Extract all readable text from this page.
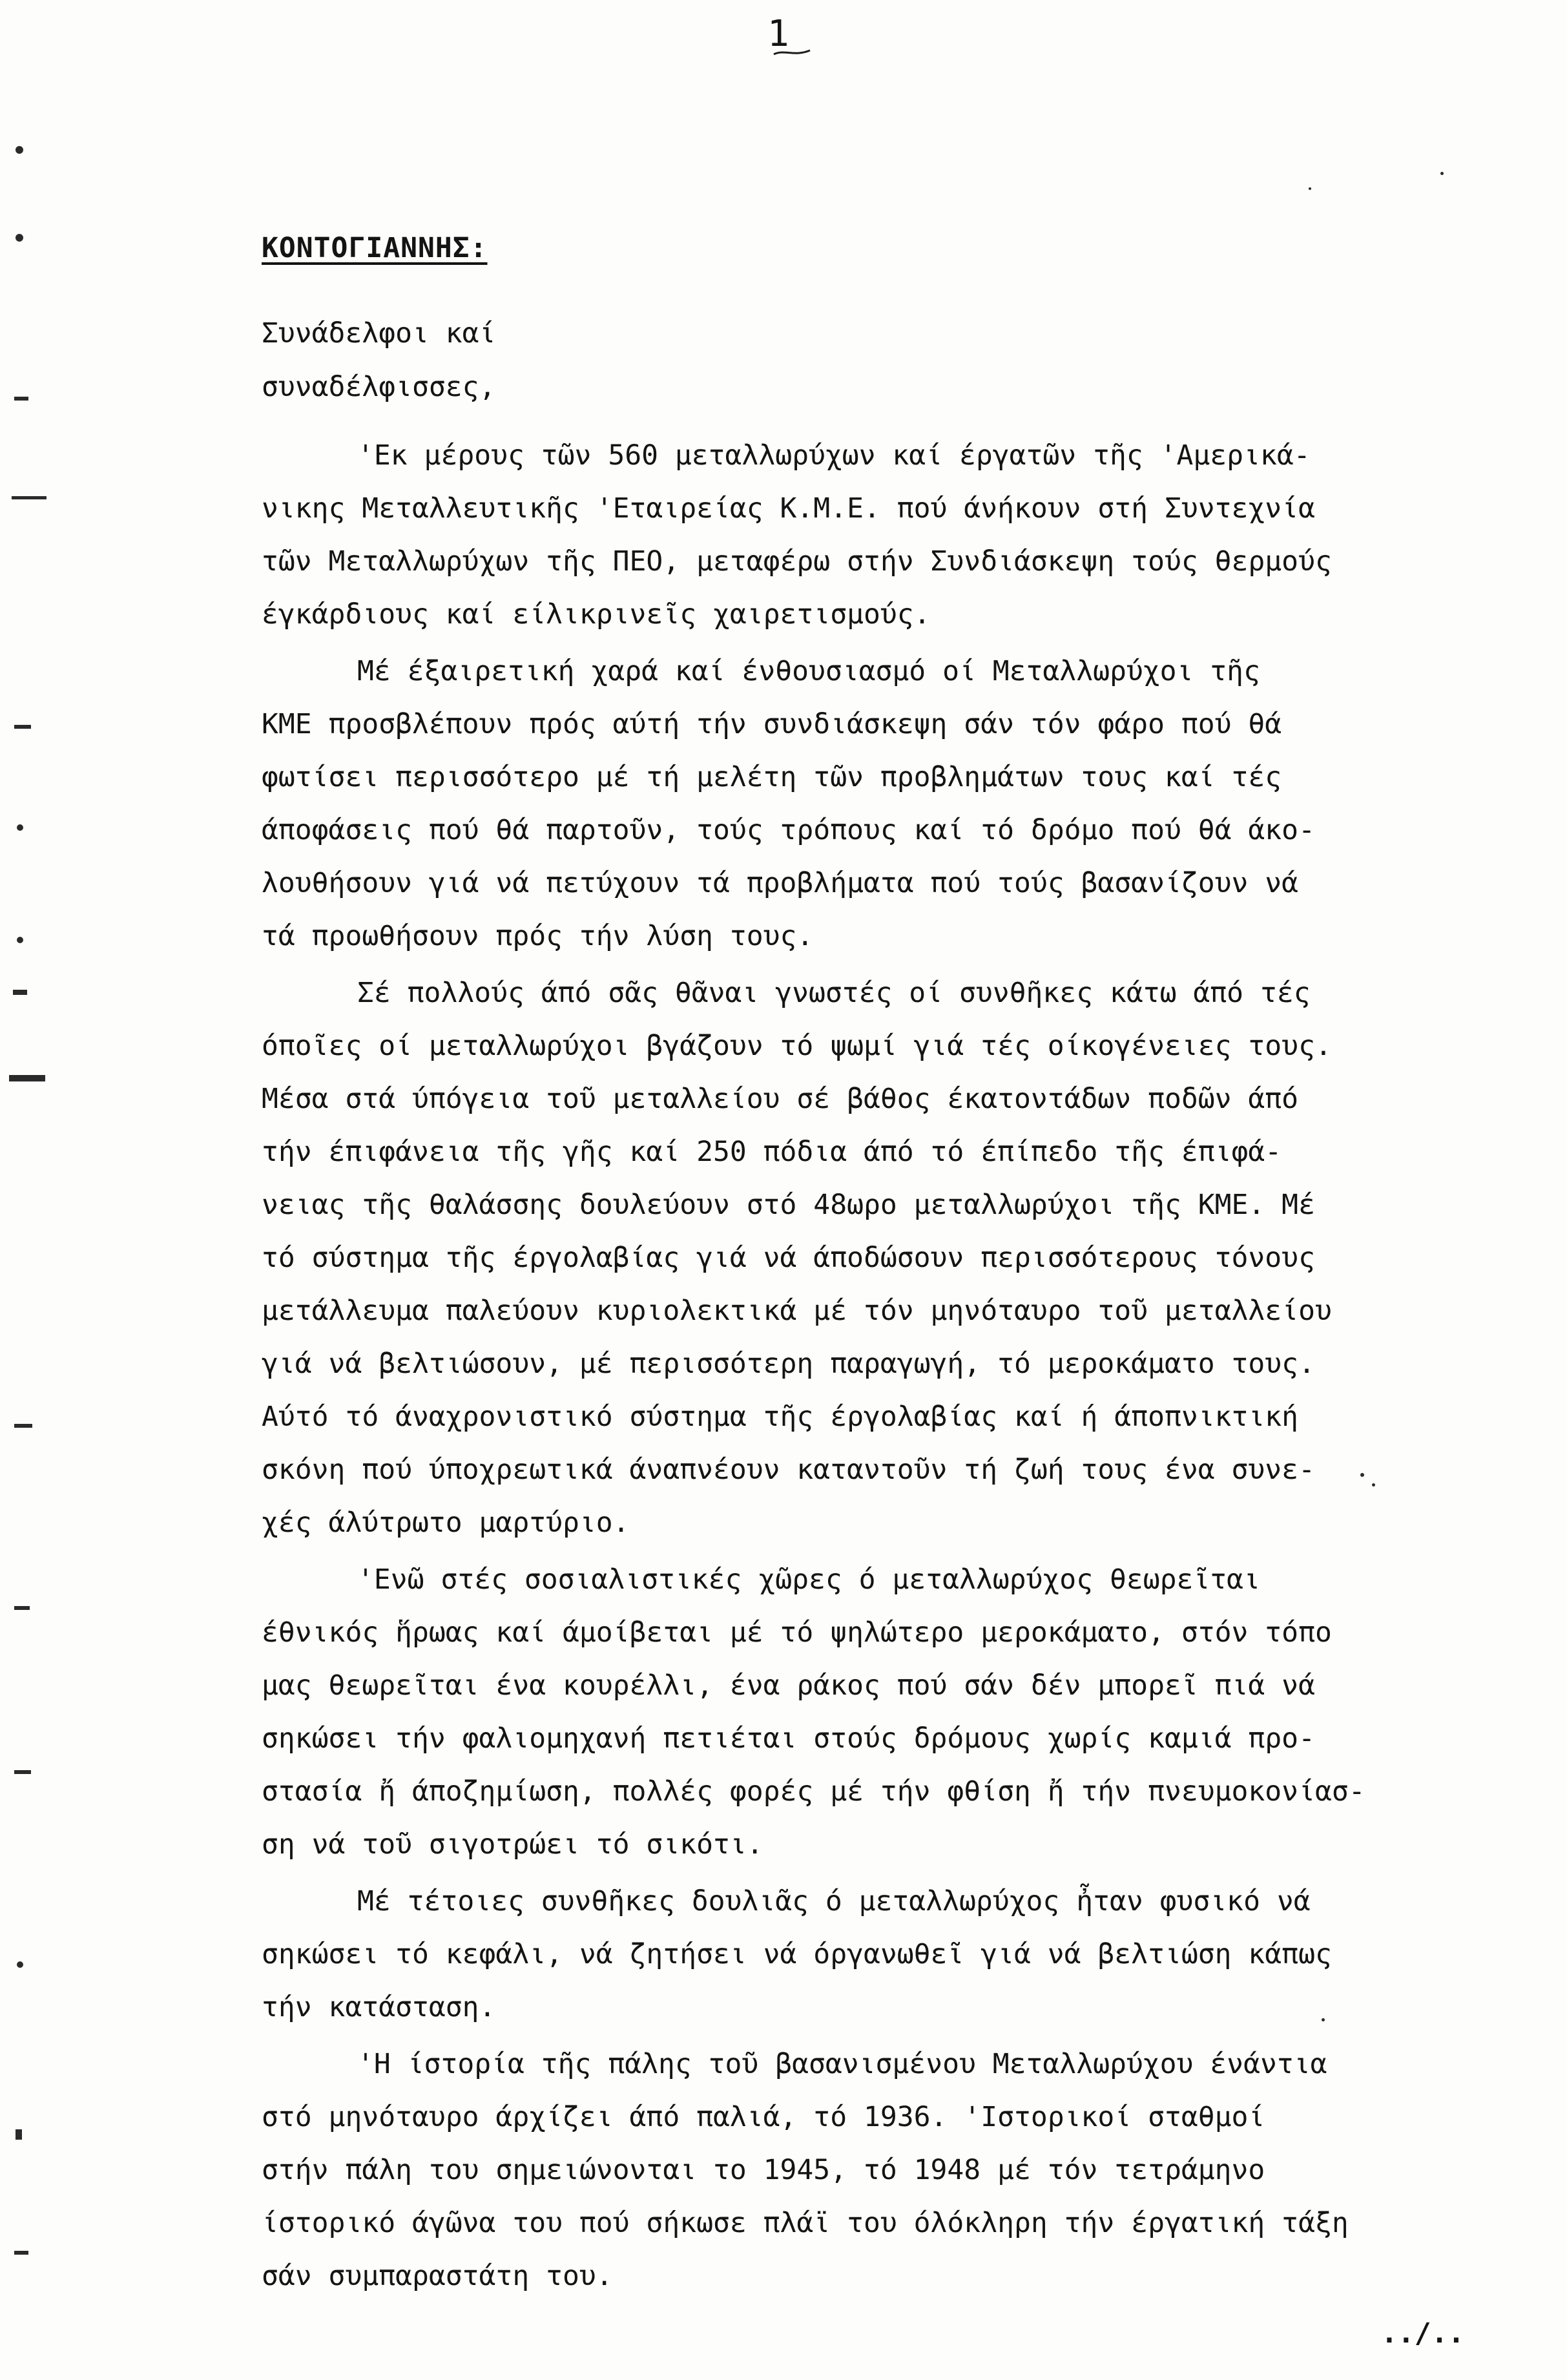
1
ΚΟΝΤΟΓΙΑΝΝΗΣ:
Συνάδελφοι καί
συναδέλφισσες,
'Εκ μέρους τῶν 560 μεταλλωρύχων καί έργατῶν τῆς 'Αμερικά-
νικης Μεταλλευτικῆς 'Εταιρείας Κ.Μ.Ε. πού άνήκουν στή Συντεχνία
τῶν Μεταλλωρύχων τῆς ΠΕΟ, μεταφέρω στήν Συνδιάσκεψη τούς θερμούς
έγκάρδιους καί είλικρινεῖς χαιρετισμούς.
Μέ έξαιρετική χαρά καί ένθουσιασμό οί Μεταλλωρύχοι τῆς
ΚΜΕ προσβλέπουν πρός αύτή τήν συνδιάσκεψη σάν τόν φάρο πού θά
φωτίσει περισσότερο μέ τή μελέτη τῶν προβλημάτων τους καί τές
άποφάσεις πού θά παρτοῦν, τούς τρόπους καί τό δρόμο πού θά άκο-
λουθήσουν γιά νά πετύχουν τά προβλήματα πού τούς βασανίζουν νά
τά προωθήσουν πρός τήν λύση τους.
Σέ πολλούς άπό σᾶς θᾶναι γνωστές οί συνθῆκες κάτω άπό τές
όποῖες οί μεταλλωρύχοι βγάζουν τό ψωμί γιά τές οίκογένειες τους.
Μέσα στά ύπόγεια τοῦ μεταλλείου σέ βάθος έκατοντάδων ποδῶν άπό
τήν έπιφάνεια τῆς γῆς καί 250 πόδια άπό τό έπίπεδο τῆς έπιφά-
νειας τῆς θαλάσσης δουλεύουν στό 48ωρο μεταλλωρύχοι τῆς ΚΜΕ. Μέ
τό σύστημα τῆς έργολαβίας γιά νά άποδώσουν περισσότερους τόνους
μετάλλευμα παλεύουν κυριολεκτικά μέ τόν μηνόταυρο τοῦ μεταλλείου
γιά νά βελτιώσουν, μέ περισσότερη παραγωγή, τό μεροκάματο τους.
Αύτό τό άναχρονιστικό σύστημα τῆς έργολαβίας καί ή άποπνικτική
σκόνη πού ύποχρεωτικά άναπνέουν καταντοῦν τή ζωή τους ένα συνε-
χές άλύτρωτο μαρτύριο.
'Ενῶ στές σοσιαλιστικές χῶρες ό μεταλλωρύχος θεωρεῖται
έθνικός ἥρωας καί άμοίβεται μέ τό ψηλώτερο μεροκάματο, στόν τόπο
μας θεωρεῖται ένα κουρέλλι, ένα ράκος πού σάν δέν μπορεῖ πιά νά
σηκώσει τήν φαλιομηχανή πετιέται στούς δρόμους χωρίς καμιά προ-
στασία ἤ άποζημίωση, πολλές φορές μέ τήν φθίση ἤ τήν πνευμοκονίασ-
ση νά τοῦ σιγοτρώει τό σικότι.
Μέ τέτοιες συνθῆκες δουλιᾶς ό μεταλλωρύχος ἦταν φυσικό νά
σηκώσει τό κεφάλι, νά ζητήσει νά όργανωθεῖ γιά νά βελτιώση κάπως
τήν κατάσταση.
'Η ίστορία τῆς πάλης τοῦ βασανισμένου Μεταλλωρύχου ένάντια
στό μηνόταυρο άρχίζει άπό παλιά, τό 1936. 'Ιστορικοί σταθμοί
στήν πάλη του σημειώνονται το 1945, τό 1948 μέ τόν τετράμηνο
ίστορικό άγῶνα του πού σήκωσε πλάϊ του όλόκληρη τήν έργατική τάξη
σάν συμπαραστάτη του.
../..
